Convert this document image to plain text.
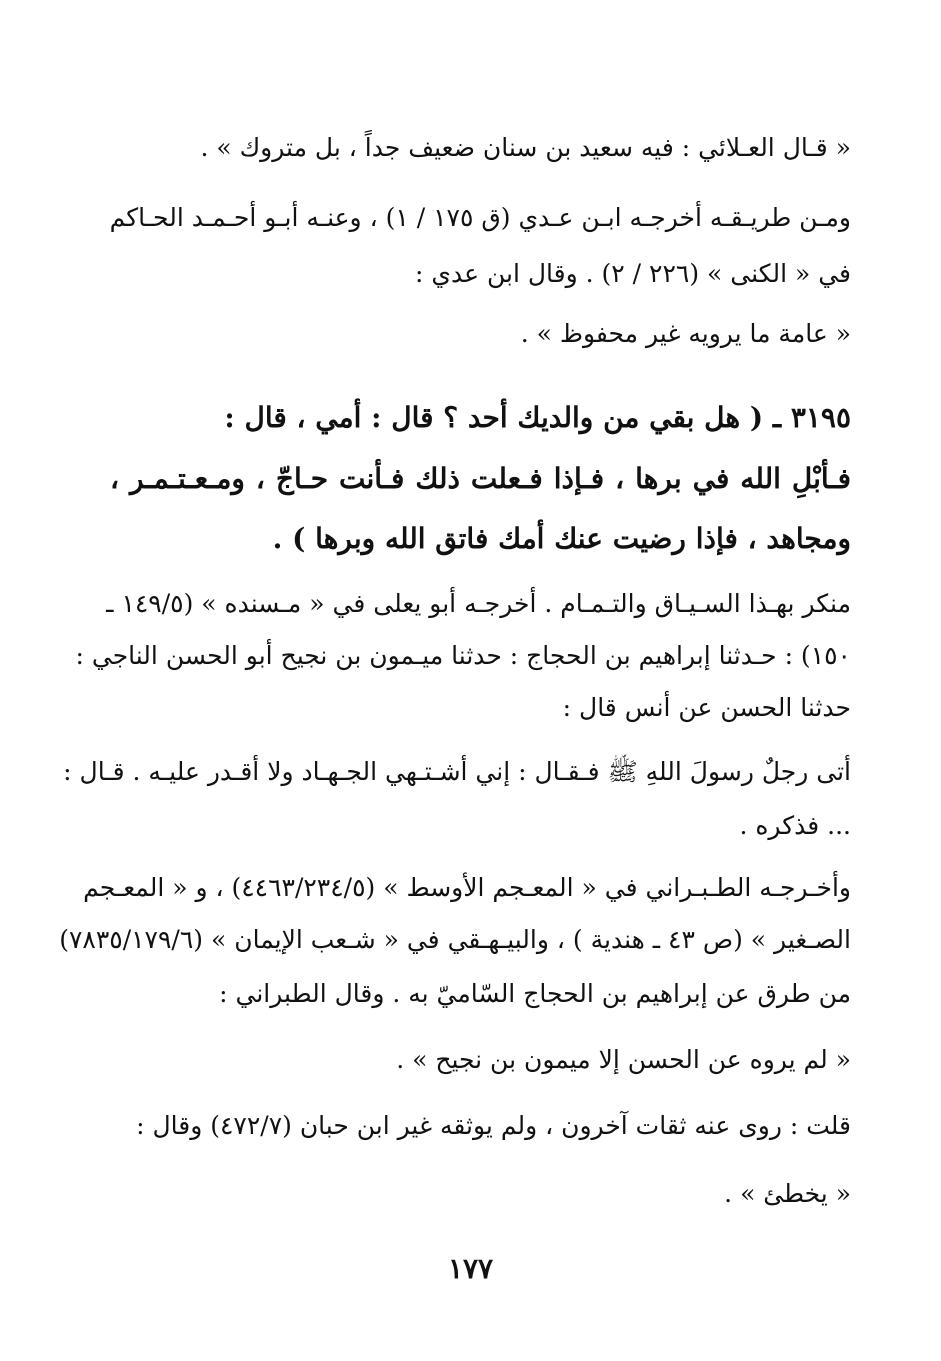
« قـال العـلائي : فيه سعيد بن سنان ضعيف جداً ، بل متروك » .

ومـن طريـقـه أخرجـه ابـن عـدي (ق ١٧٥ / ١) ، وعنـه أبـو أحـمـد الحـاكم

في « الكنى » (٢٢٦ / ٢) . وقال ابن عدي :

« عامة ما يرويه غير محفوظ » .

٣١٩٥ ـ ( هل بقي من والديك أحد ؟ قال : أمي ، قال :

فـأبْلِ الله في برها ، فـإذا فـعلت ذلك فـأنت حـاجّ ، ومـعـتـمـر ،

ومجاهد ، فإذا رضيت عنك أمك فاتق الله وبرها ) .

منكر بهـذا السـيـاق والتـمـام . أخرجـه أبو يعلى في « مـسنده » (١٤٩/٥ ـ

١٥٠) : حـدثنا إبراهيم بن الحجاج : حدثنا ميـمون بن نجيح أبو الحسن الناجي :

حدثنا الحسن عن أنس قال :

أتى رجلٌ رسولَ اللهِ ﷺ فـقـال : إني أشـتـهي الجـهـاد ولا أقـدر عليـه . قـال :

... فذكره .

وأخـرجـه الطـبـراني في « المعـجم الأوسط » (٤٤٦٣/٢٣٤/٥) ، و « المعـجم

الصـغير » (ص ٤٣ ـ هندية ) ، والبيـهـقي في « شـعب الإيمان » (٧٨٣٥/١٧٩/٦)

من طرق عن إبراهيم بن الحجاج السّاميّ به . وقال الطبراني :

« لم يروه عن الحسن إلا ميمون بن نجيح » .

قلت : روى عنه ثقات آخرون ، ولم يوثقه غير ابن حبان (٤٧٢/٧) وقال :

« يخطئ » .

١٧٧
